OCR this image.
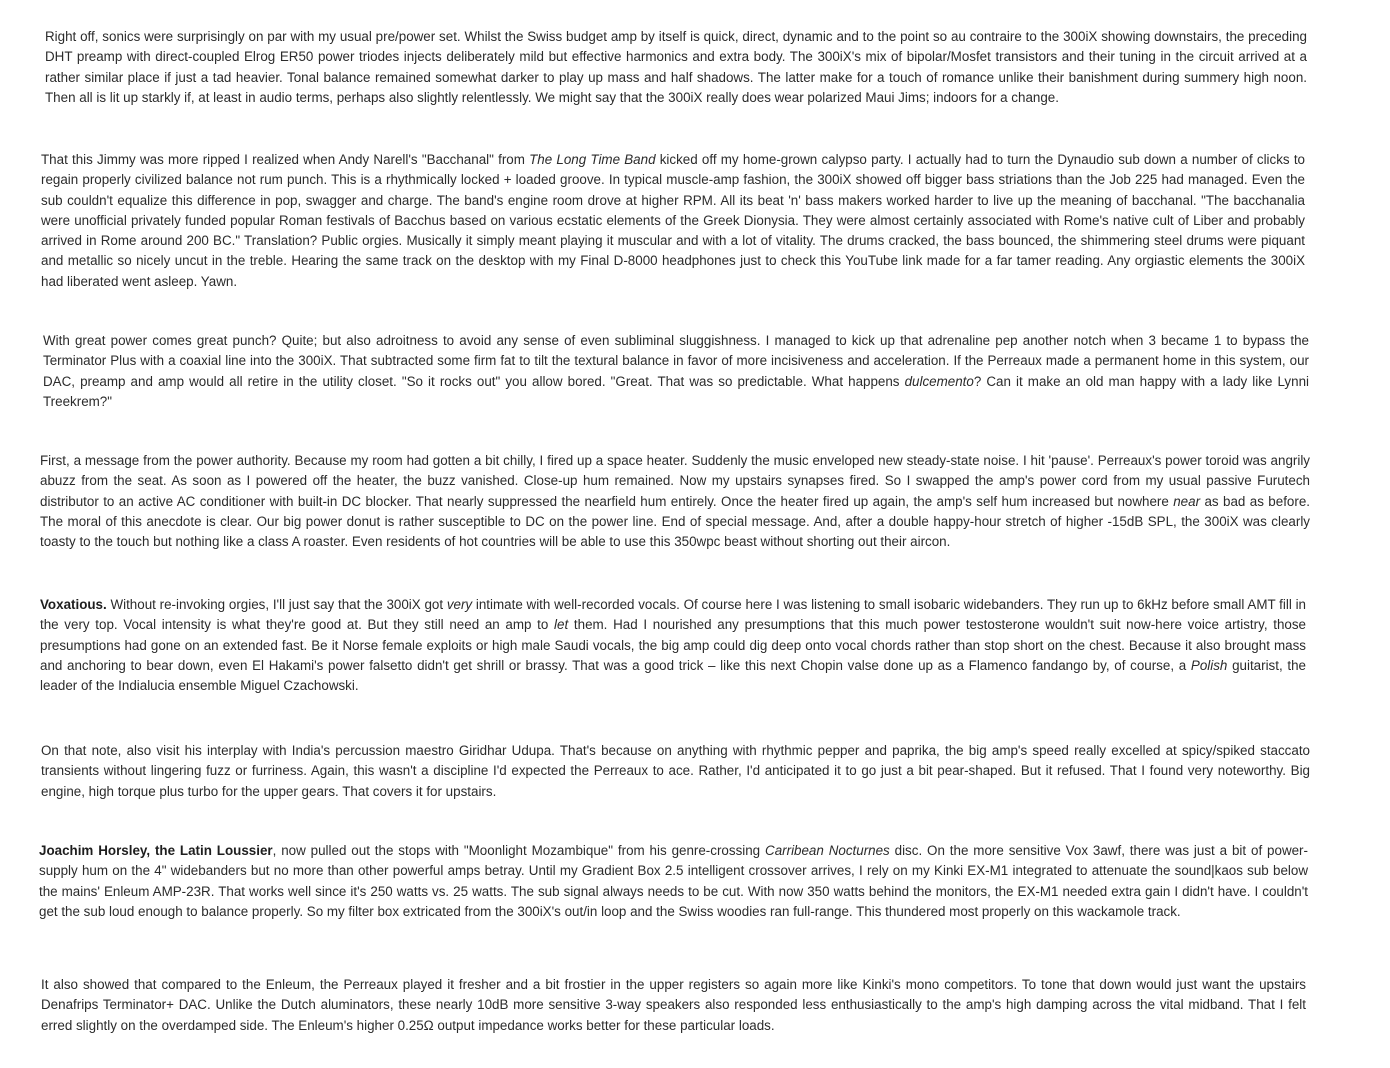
Right off, sonics were surprisingly on par with my usual pre/power set. Whilst the Swiss budget amp by itself is quick, direct, dynamic and to the point so au contraire to the 300iX showing downstairs, the preceding DHT preamp with direct-coupled Elrog ER50 power triodes injects deliberately mild but effective harmonics and extra body. The 300iX's mix of bipolar/Mosfet transistors and their tuning in the circuit arrived at a rather similar place if just a tad heavier. Tonal balance remained somewhat darker to play up mass and half shadows. The latter make for a touch of romance unlike their banishment during summery high noon. Then all is lit up starkly if, at least in audio terms, perhaps also slightly relentlessly. We might say that the 300iX really does wear polarized Maui Jims; indoors for a change.

That this Jimmy was more ripped I realized when Andy Narell's "Bacchanal" from The Long Time Band kicked off my home-grown calypso party. I actually had to turn the Dynaudio sub down a number of clicks to regain properly civilized balance not rum punch. This is a rhythmically locked + loaded groove. In typical muscle-amp fashion, the 300iX showed off bigger bass striations than the Job 225 had managed. Even the sub couldn't equalize this difference in pop, swagger and charge. The band's engine room drove at higher RPM. All its beat 'n' bass makers worked harder to live up the meaning of bacchanal. "The bacchanalia were unofficial privately funded popular Roman festivals of Bacchus based on various ecstatic elements of the Greek Dionysia. They were almost certainly associated with Rome's native cult of Liber and probably arrived in Rome around 200 BC." Translation? Public orgies. Musically it simply meant playing it muscular and with a lot of vitality. The drums cracked, the bass bounced, the shimmering steel drums were piquant and metallic so nicely uncut in the treble. Hearing the same track on the desktop with my Final D-8000 headphones just to check this YouTube link made for a far tamer reading. Any orgiastic elements the 300iX had liberated went asleep. Yawn.

With great power comes great punch? Quite; but also adroitness to avoid any sense of even subliminal sluggishness. I managed to kick up that adrenaline pep another notch when 3 became 1 to bypass the Terminator Plus with a coaxial line into the 300iX. That subtracted some firm fat to tilt the textural balance in favor of more incisiveness and acceleration. If the Perreaux made a permanent home in this system, our DAC, preamp and amp would all retire in the utility closet. "So it rocks out" you allow bored. "Great. That was so predictable. What happens dulcemento? Can it make an old man happy with a lady like Lynni Treekrem?"

First, a message from the power authority. Because my room had gotten a bit chilly, I fired up a space heater. Suddenly the music enveloped new steady-state noise. I hit 'pause'. Perreaux's power toroid was angrily abuzz from the seat. As soon as I powered off the heater, the buzz vanished. Close-up hum remained. Now my upstairs synapses fired. So I swapped the amp's power cord from my usual passive Furutech distributor to an active AC conditioner with built-in DC blocker. That nearly suppressed the nearfield hum entirely. Once the heater fired up again, the amp's self hum increased but nowhere near as bad as before. The moral of this anecdote is clear. Our big power donut is rather susceptible to DC on the power line. End of special message. And, after a double happy-hour stretch of higher -15dB SPL, the 300iX was clearly toasty to the touch but nothing like a class A roaster. Even residents of hot countries will be able to use this 350wpc beast without shorting out their aircon.

Voxatious. Without re-invoking orgies, I'll just say that the 300iX got very intimate with well-recorded vocals. Of course here I was listening to small isobaric widebanders. They run up to 6kHz before small AMT fill in the very top. Vocal intensity is what they're good at. But they still need an amp to let them. Had I nourished any presumptions that this much power testosterone wouldn't suit now-here voice artistry, those presumptions had gone on an extended fast. Be it Norse female exploits or high male Saudi vocals, the big amp could dig deep onto vocal chords rather than stop short on the chest. Because it also brought mass and anchoring to bear down, even El Hakami's power falsetto didn't get shrill or brassy. That was a good trick – like this next Chopin valse done up as a Flamenco fandango by, of course, a Polish guitarist, the leader of the Indialucia ensemble Miguel Czachowski.

On that note, also visit his interplay with India's percussion maestro Giridhar Udupa. That's because on anything with rhythmic pepper and paprika, the big amp's speed really excelled at spicy/spiked staccato transients without lingering fuzz or furriness. Again, this wasn't a discipline I'd expected the Perreaux to ace. Rather, I'd anticipated it to go just a bit pear-shaped. But it refused. That I found very noteworthy. Big engine, high torque plus turbo for the upper gears. That covers it for upstairs.

Joachim Horsley, the Latin Loussier, now pulled out the stops with "Moonlight Mozambique" from his genre-crossing Carribean Nocturnes disc. On the more sensitive Vox 3awf, there was just a bit of power-supply hum on the 4" widebanders but no more than other powerful amps betray. Until my Gradient Box 2.5 intelligent crossover arrives, I rely on my Kinki EX-M1 integrated to attenuate the sound|kaos sub below the mains' Enleum AMP-23R. That works well since it's 250 watts vs. 25 watts. The sub signal always needs to be cut. With now 350 watts behind the monitors, the EX-M1 needed extra gain I didn't have. I couldn't get the sub loud enough to balance properly. So my filter box extricated from the 300iX's out/in loop and the Swiss woodies ran full-range. This thundered most properly on this wackamole track.

It also showed that compared to the Enleum, the Perreaux played it fresher and a bit frostier in the upper registers so again more like Kinki's mono competitors. To tone that down would just want the upstairs Denafrips Terminator+ DAC. Unlike the Dutch aluminators, these nearly 10dB more sensitive 3-way speakers also responded less enthusiastically to the amp's high damping across the vital midband. That I felt erred slightly on the overdamped side. The Enleum's higher 0.25Ω output impedance works better for these particular loads.
